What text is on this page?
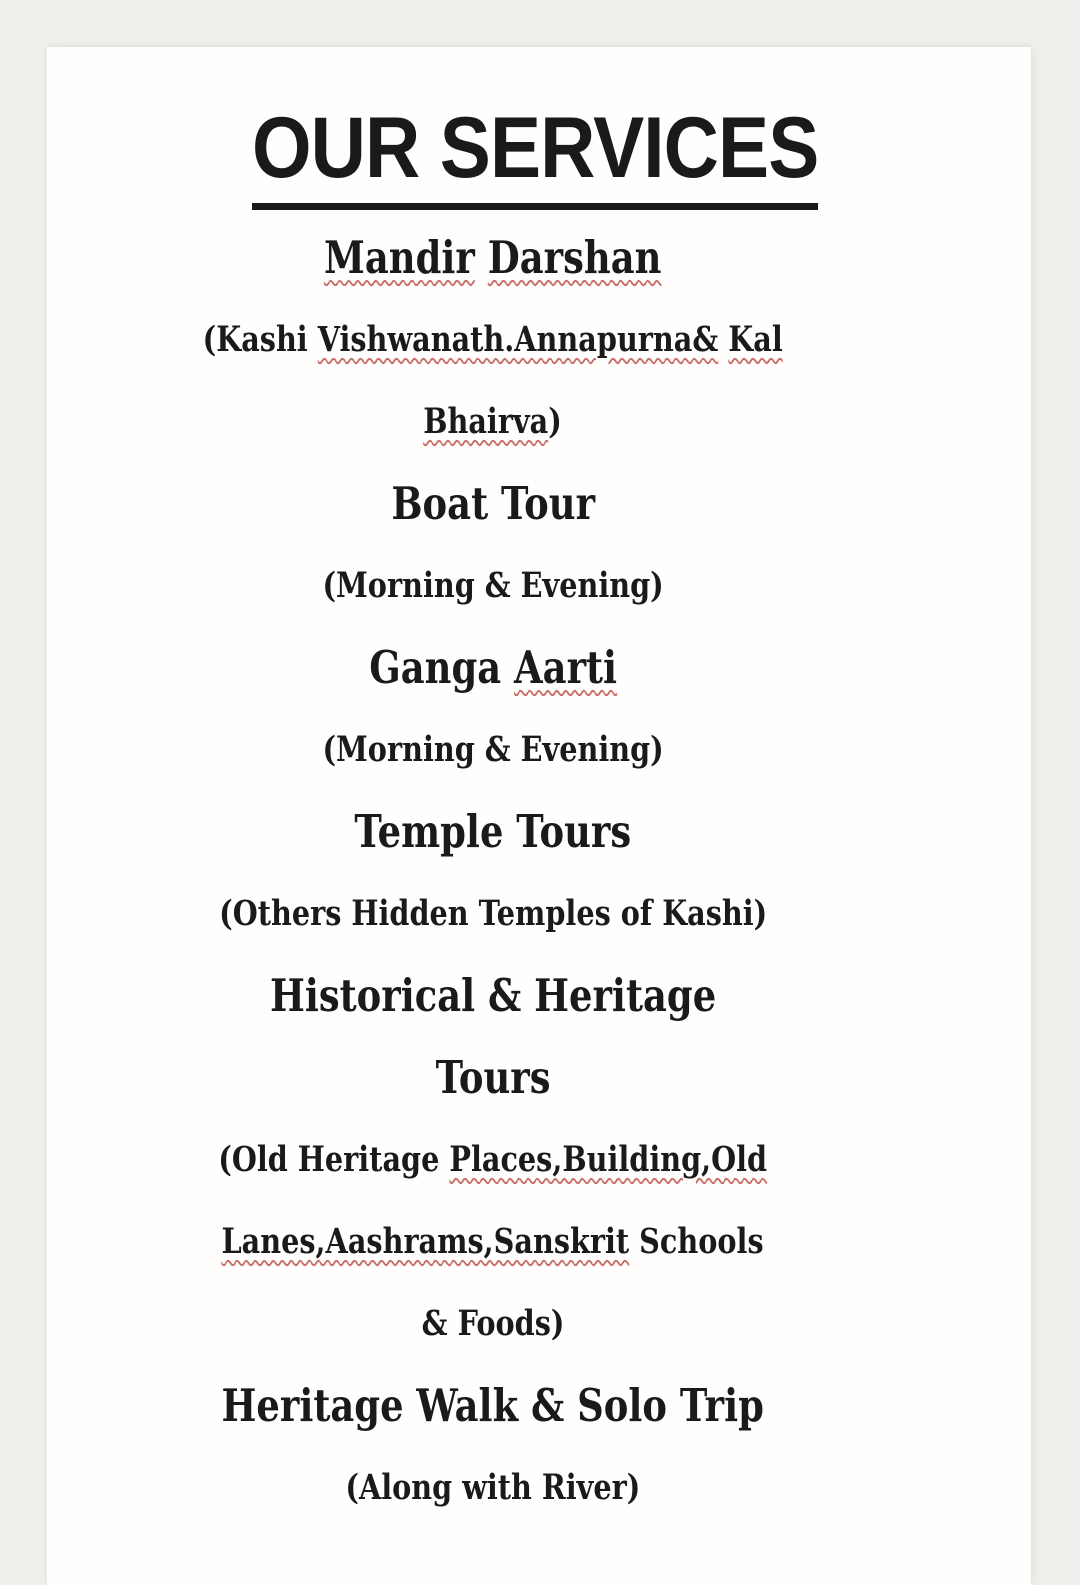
OUR SERVICES
Mandir Darshan
(Kashi Vishwanath.Annapurna& Kal
Bhairva)
Boat Tour
(Morning & Evening)
Ganga Aarti
(Morning & Evening)
Temple Tours
(Others Hidden Temples of Kashi)
Historical & Heritage
Tours
(Old Heritage Places,Building,Old
Lanes,Aashrams,Sanskrit Schools
& Foods)
Heritage Walk & Solo Trip
(Along with River)
